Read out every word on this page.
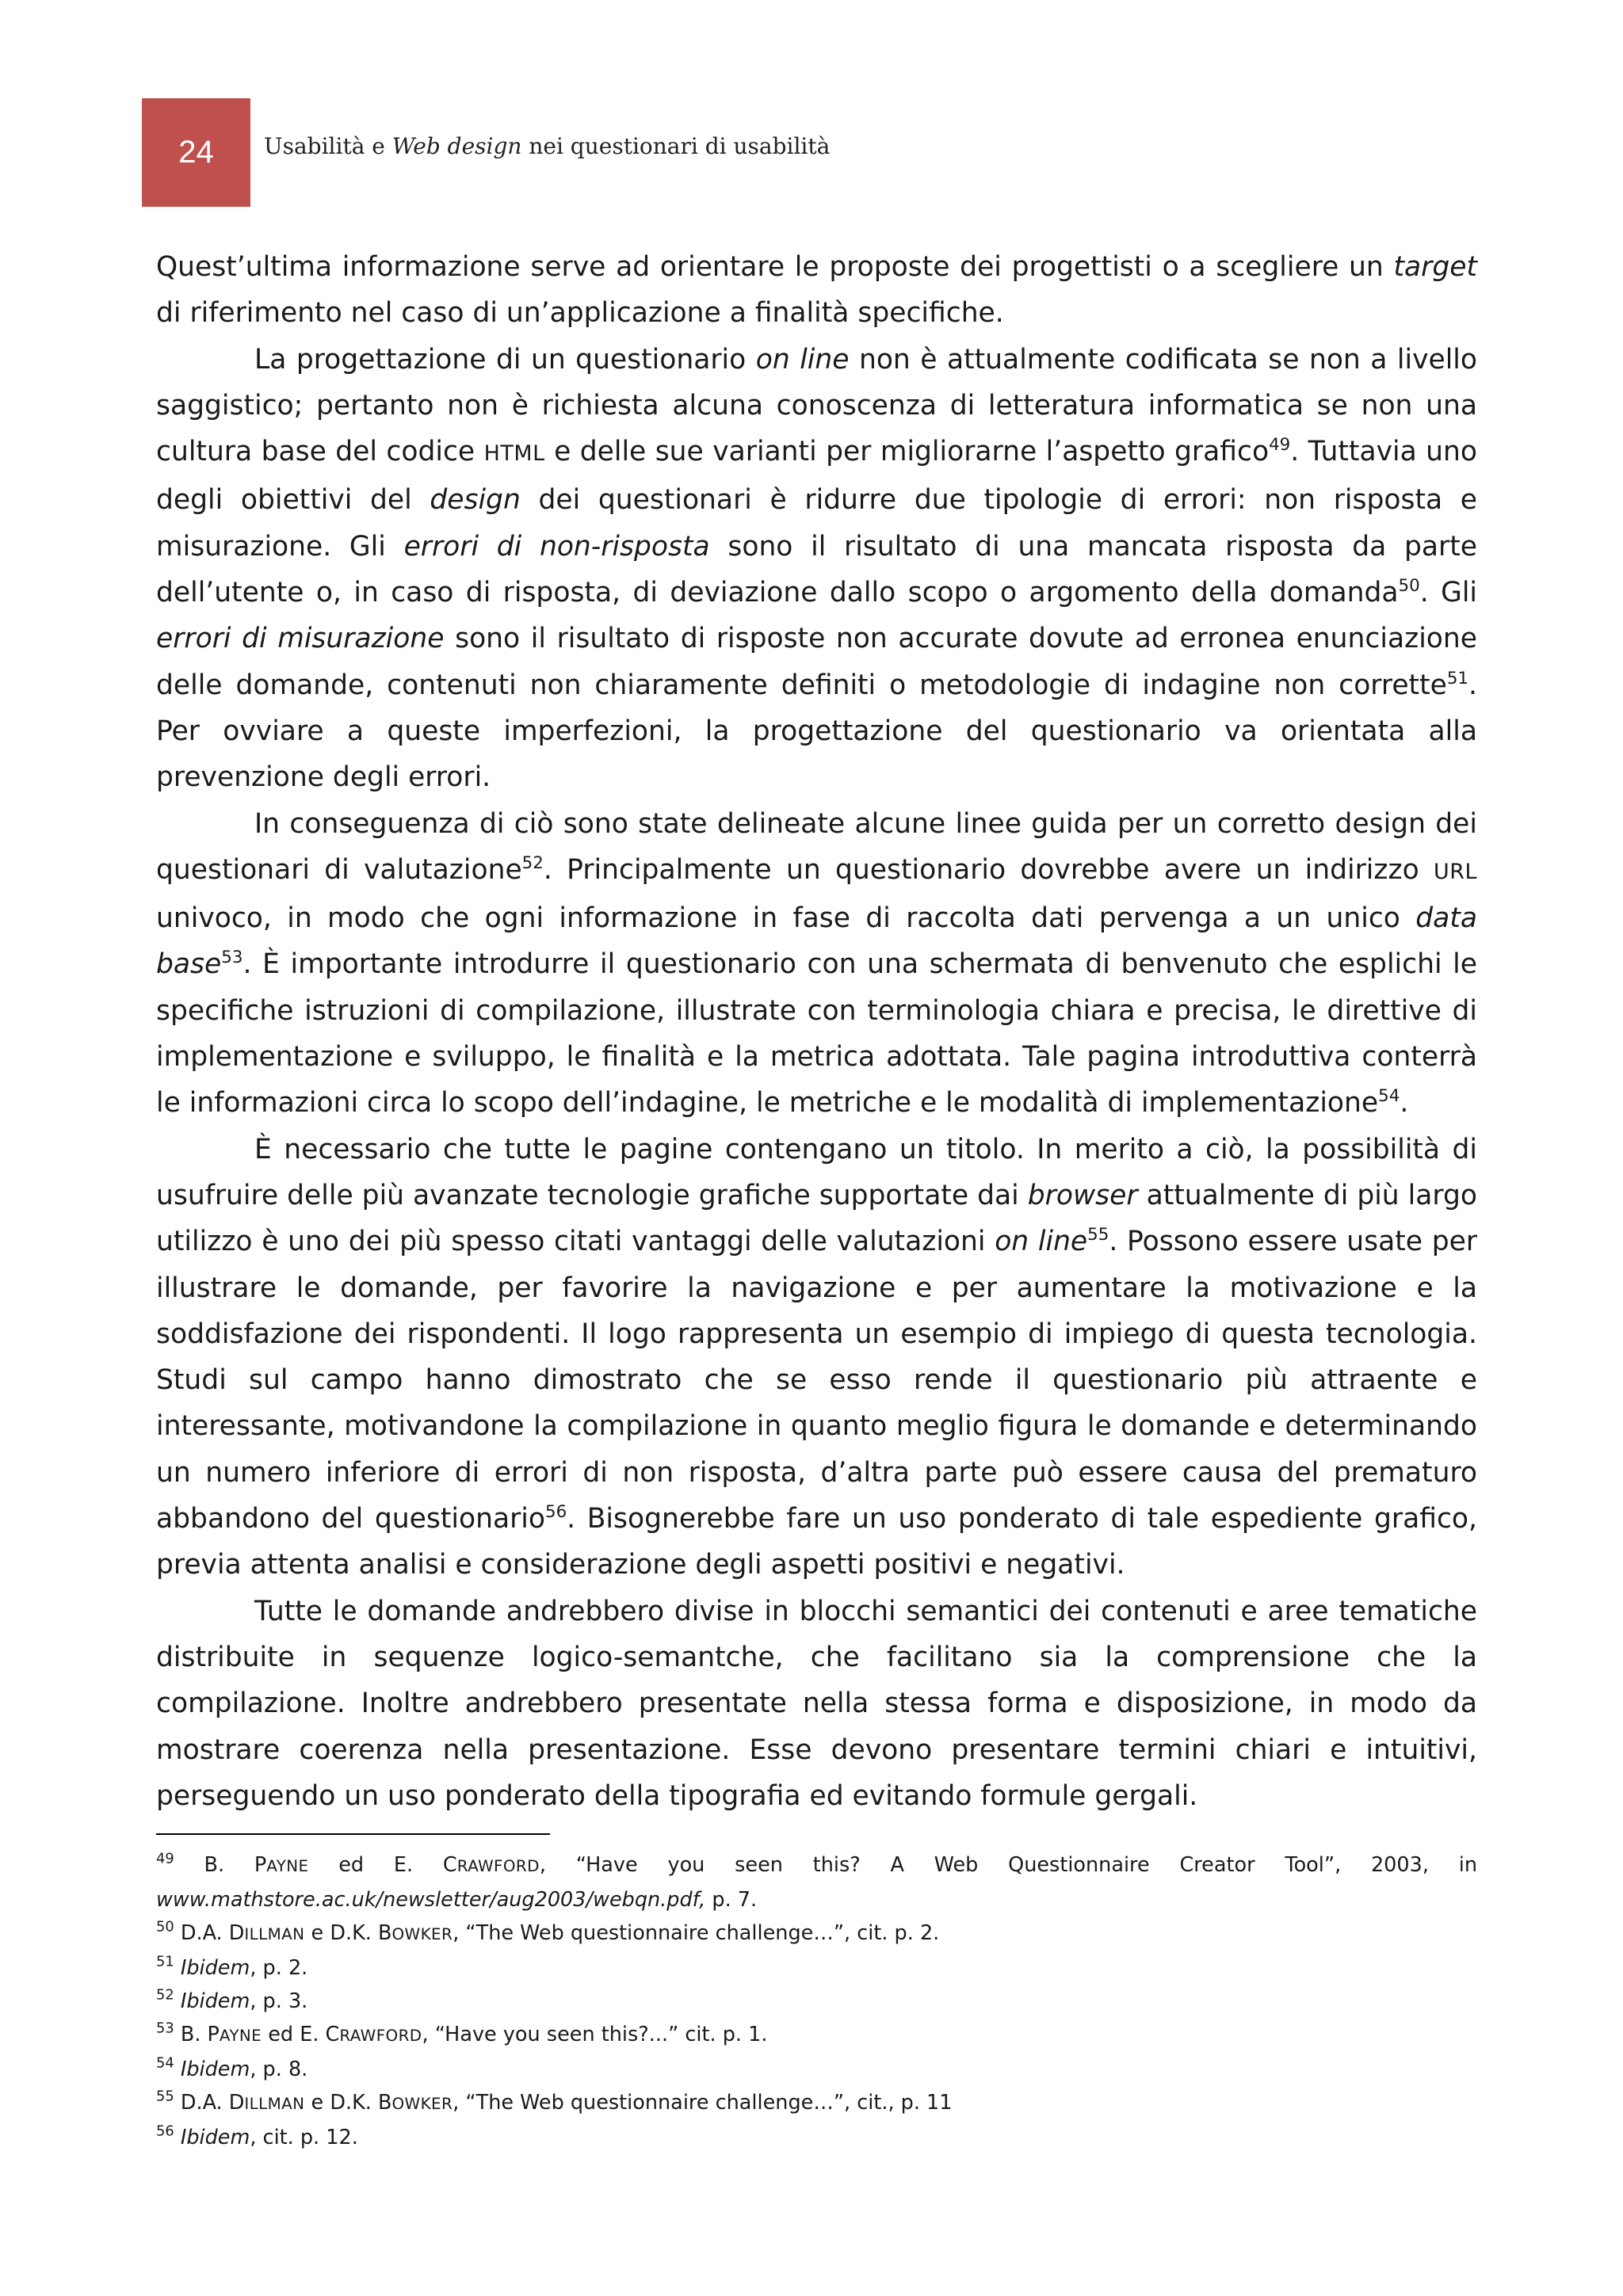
24 Usabilità e Web design nei questionari di usabilità

Quest’ultima informazione serve ad orientare le proposte dei progettisti o a scegliere un target di riferimento nel caso di un’applicazione a finalità specifiche.

La progettazione di un questionario on line non è attualmente codificata se non a livello saggistico; pertanto non è richiesta alcuna conoscenza di letteratura informatica se non una cultura base del codice HTML e delle sue varianti per migliorarne l’aspetto grafico$^{49}$. Tuttavia uno degli obiettivi del design dei questionari è ridurre due tipologie di errori: non risposta e misurazione. Gli errori di non-risposta sono il risultato di una mancata risposta da parte dell’utente o, in caso di risposta, di deviazione dallo scopo o argomento della domanda$^{50}$. Gli errori di misurazione sono il risultato di risposte non accurate dovute ad erronea enunciazione delle domande, contenuti non chiaramente definiti o metodologie di indagine non corrette$^{51}$. Per ovviare a queste imperfezioni, la progettazione del questionario va orientata alla prevenzione degli errori.

In conseguenza di ciò sono state delineate alcune linee guida per un corretto design dei questionari di valutazione$^{52}$. Principalmente un questionario dovrebbe avere un indirizzo URL univoco, in modo che ogni informazione in fase di raccolta dati pervenga a un unico data base$^{53}$. È importante introdurre il questionario con una schermata di benvenuto che esplichi le specifiche istruzioni di compilazione, illustrate con terminologia chiara e precisa, le direttive di implementazione e sviluppo, le finalità e la metrica adottata. Tale pagina introduttiva conterrà le informazioni circa lo scopo dell’indagine, le metriche e le modalità di implementazione$^{54}$.

È necessario che tutte le pagine contengano un titolo. In merito a ciò, la possibilità di usufruire delle più avanzate tecnologie grafiche supportate dai browser attualmente di più largo utilizzo è uno dei più spesso citati vantaggi delle valutazioni on line$^{55}$. Possono essere usate per illustrare le domande, per favorire la navigazione e per aumentare la motivazione e la soddisfazione dei rispondenti. Il logo rappresenta un esempio di impiego di questa tecnologia. Studi sul campo hanno dimostrato che se esso rende il questionario più attraente e interessante, motivandone la compilazione in quanto meglio figura le domande e determinando un numero inferiore di errori di non risposta, d’altra parte può essere causa del prematuro abbandono del questionario$^{56}$. Bisognerebbe fare un uso ponderato di tale espediente grafico, previa attenta analisi e considerazione degli aspetti positivi e negativi.

Tutte le domande andrebbero divise in blocchi semantici dei contenuti e aree tematiche distribuite in sequenze logico-semantche, che facilitano sia la comprensione che la compilazione. Inoltre andrebbero presentate nella stessa forma e disposizione, in modo da mostrare coerenza nella presentazione. Esse devono presentare termini chiari e intuitivi, perseguendo un uso ponderato della tipografia ed evitando formule gergali.

$^{49}$ B. PAYNE ed E. CRAWFORD, “Have you seen this? A Web Questionnaire Creator Tool”, 2003, in www.mathstore.ac.uk/newsletter/aug2003/webqn.pdf, p. 7.

$^{50}$ D.A. DILLMAN e D.K. BOWKER, “The Web questionnaire challenge…”, cit. p. 2.

$^{51}$ Ibidem, p. 2.

$^{52}$ Ibidem, p. 3.

$^{53}$ B. PAYNE ed E. CRAWFORD, “Have you seen this?...” cit. p. 1.

$^{54}$ Ibidem, p. 8.

$^{55}$ D.A. DILLMAN e D.K. BOWKER, “The Web questionnaire challenge…”, cit., p. 11

$^{56}$ Ibidem, cit. p. 12.
